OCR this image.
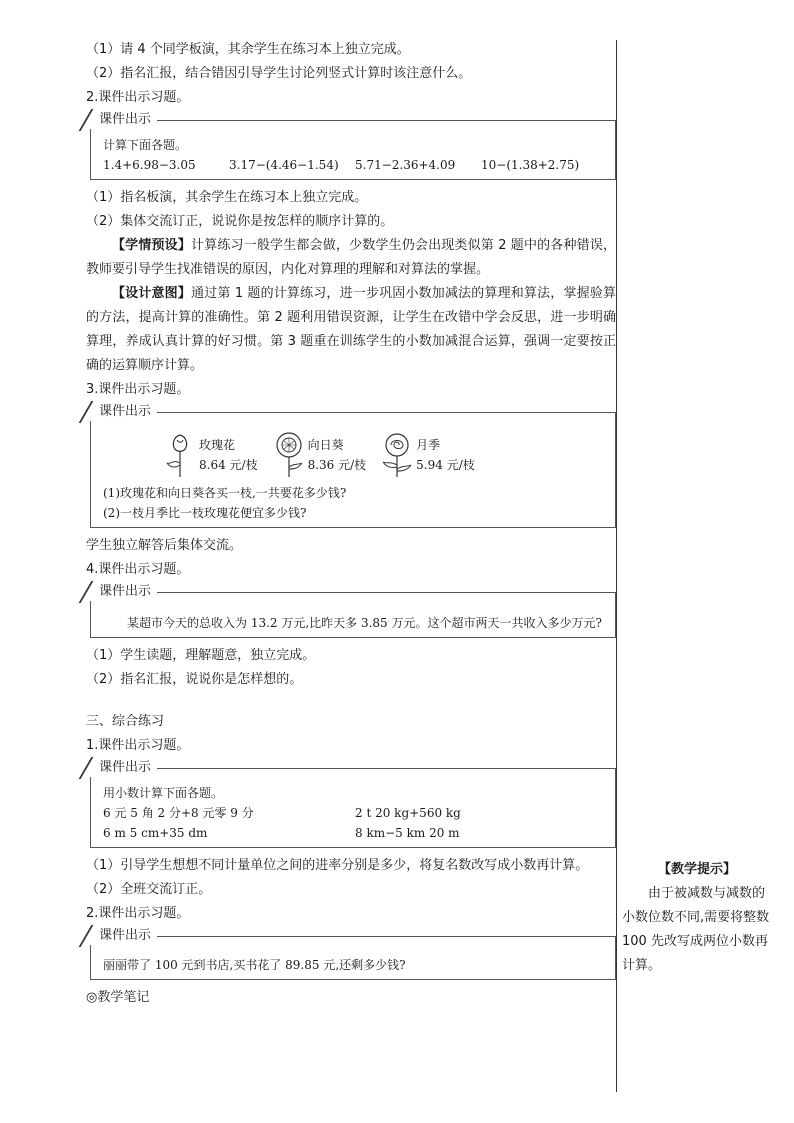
（1）请 4 个同学板演，其余学生在练习本上独立完成。
（2）指名汇报，结合错因引导学生讨论列竖式计算时该注意什么。
2.课件出示习题。
课件出示
计算下面各题。
1.4+6.98−3.05	3.17−(4.46−1.54)	5.71−2.36+4.09	10−(1.38+2.75)
（1）指名板演，其余学生在练习本上独立完成。
（2）集体交流订正，说说你是按怎样的顺序计算的。
【学情预设】计算练习一般学生都会做，少数学生仍会出现类似第 2 题中的各种错误，教师要引导学生找准错误的原因，内化对算理的理解和对算法的掌握。
【设计意图】通过第 1 题的计算练习，进一步巩固小数加减法的算理和算法，掌握验算的方法，提高计算的准确性。第 2 题利用错误资源，让学生在改错中学会反思，进一步明确算理，养成认真计算的好习惯。第 3 题重在训练学生的小数加减混合运算，强调一定要按正确的运算顺序计算。
3.课件出示习题。
课件出示
玫瑰花
8.64 元/枝
向日葵
8.36 元/枝
月季
5.94 元/枝
(1)玫瑰花和向日葵各买一枝,一共要花多少钱?
(2)一枝月季比一枝玫瑰花便宜多少钱?
学生独立解答后集体交流。
4.课件出示习题。
课件出示
某超市今天的总收入为 13.2 万元,比昨天多 3.85 万元。这个超市两天一共收入多少万元?
（1）学生读题，理解题意，独立完成。
（2）指名汇报，说说你是怎样想的。
三、综合练习
1.课件出示习题。
课件出示
用小数计算下面各题。
6 元 5 角 2 分+8 元零 9 分	2 t 20 kg+560 kg
6 m 5 cm+35 dm	8 km−5 km 20 m
（1）引导学生想想不同计量单位之间的进率分别是多少，将复名数改写成小数再计算。
（2）全班交流订正。
2.课件出示习题。
课件出示
丽丽带了 100 元到书店,买书花了 89.85 元,还剩多少钱?
◎教学笔记
【教学提示】
由于被减数与减数的小数位数不同,需要将整数 100 先改写成两位小数再计算。
